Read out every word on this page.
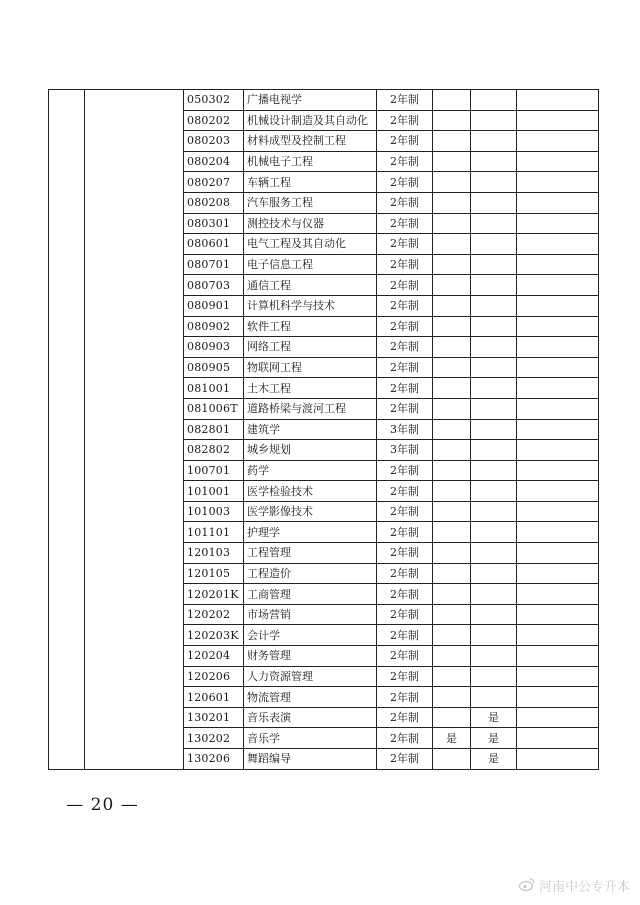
		050302	广播电视学	2年制			
		080202	机械设计制造及其自动化	2年制			
		080203	材料成型及控制工程	2年制			
		080204	机械电子工程	2年制			
		080207	车辆工程	2年制			
		080208	汽车服务工程	2年制			
		080301	测控技术与仪器	2年制			
		080601	电气工程及其自动化	2年制			
		080701	电子信息工程	2年制			
		080703	通信工程	2年制			
		080901	计算机科学与技术	2年制			
		080902	软件工程	2年制			
		080903	网络工程	2年制			
		080905	物联网工程	2年制			
		081001	土木工程	2年制			
		081006T	道路桥梁与渡河工程	2年制			
		082801	建筑学	3年制			
		082802	城乡规划	3年制			
		100701	药学	2年制			
		101001	医学检验技术	2年制			
		101003	医学影像技术	2年制			
		101101	护理学	2年制			
		120103	工程管理	2年制			
		120105	工程造价	2年制			
		120201K	工商管理	2年制			
		120202	市场营销	2年制			
		120203K	会计学	2年制			
		120204	财务管理	2年制			
		120206	人力资源管理	2年制			
		120601	物流管理	2年制			
		130201	音乐表演	2年制		是	
		130202	音乐学	2年制	是	是	
		130206	舞蹈编导	2年制		是	
— 20 —
河南中公专升本
